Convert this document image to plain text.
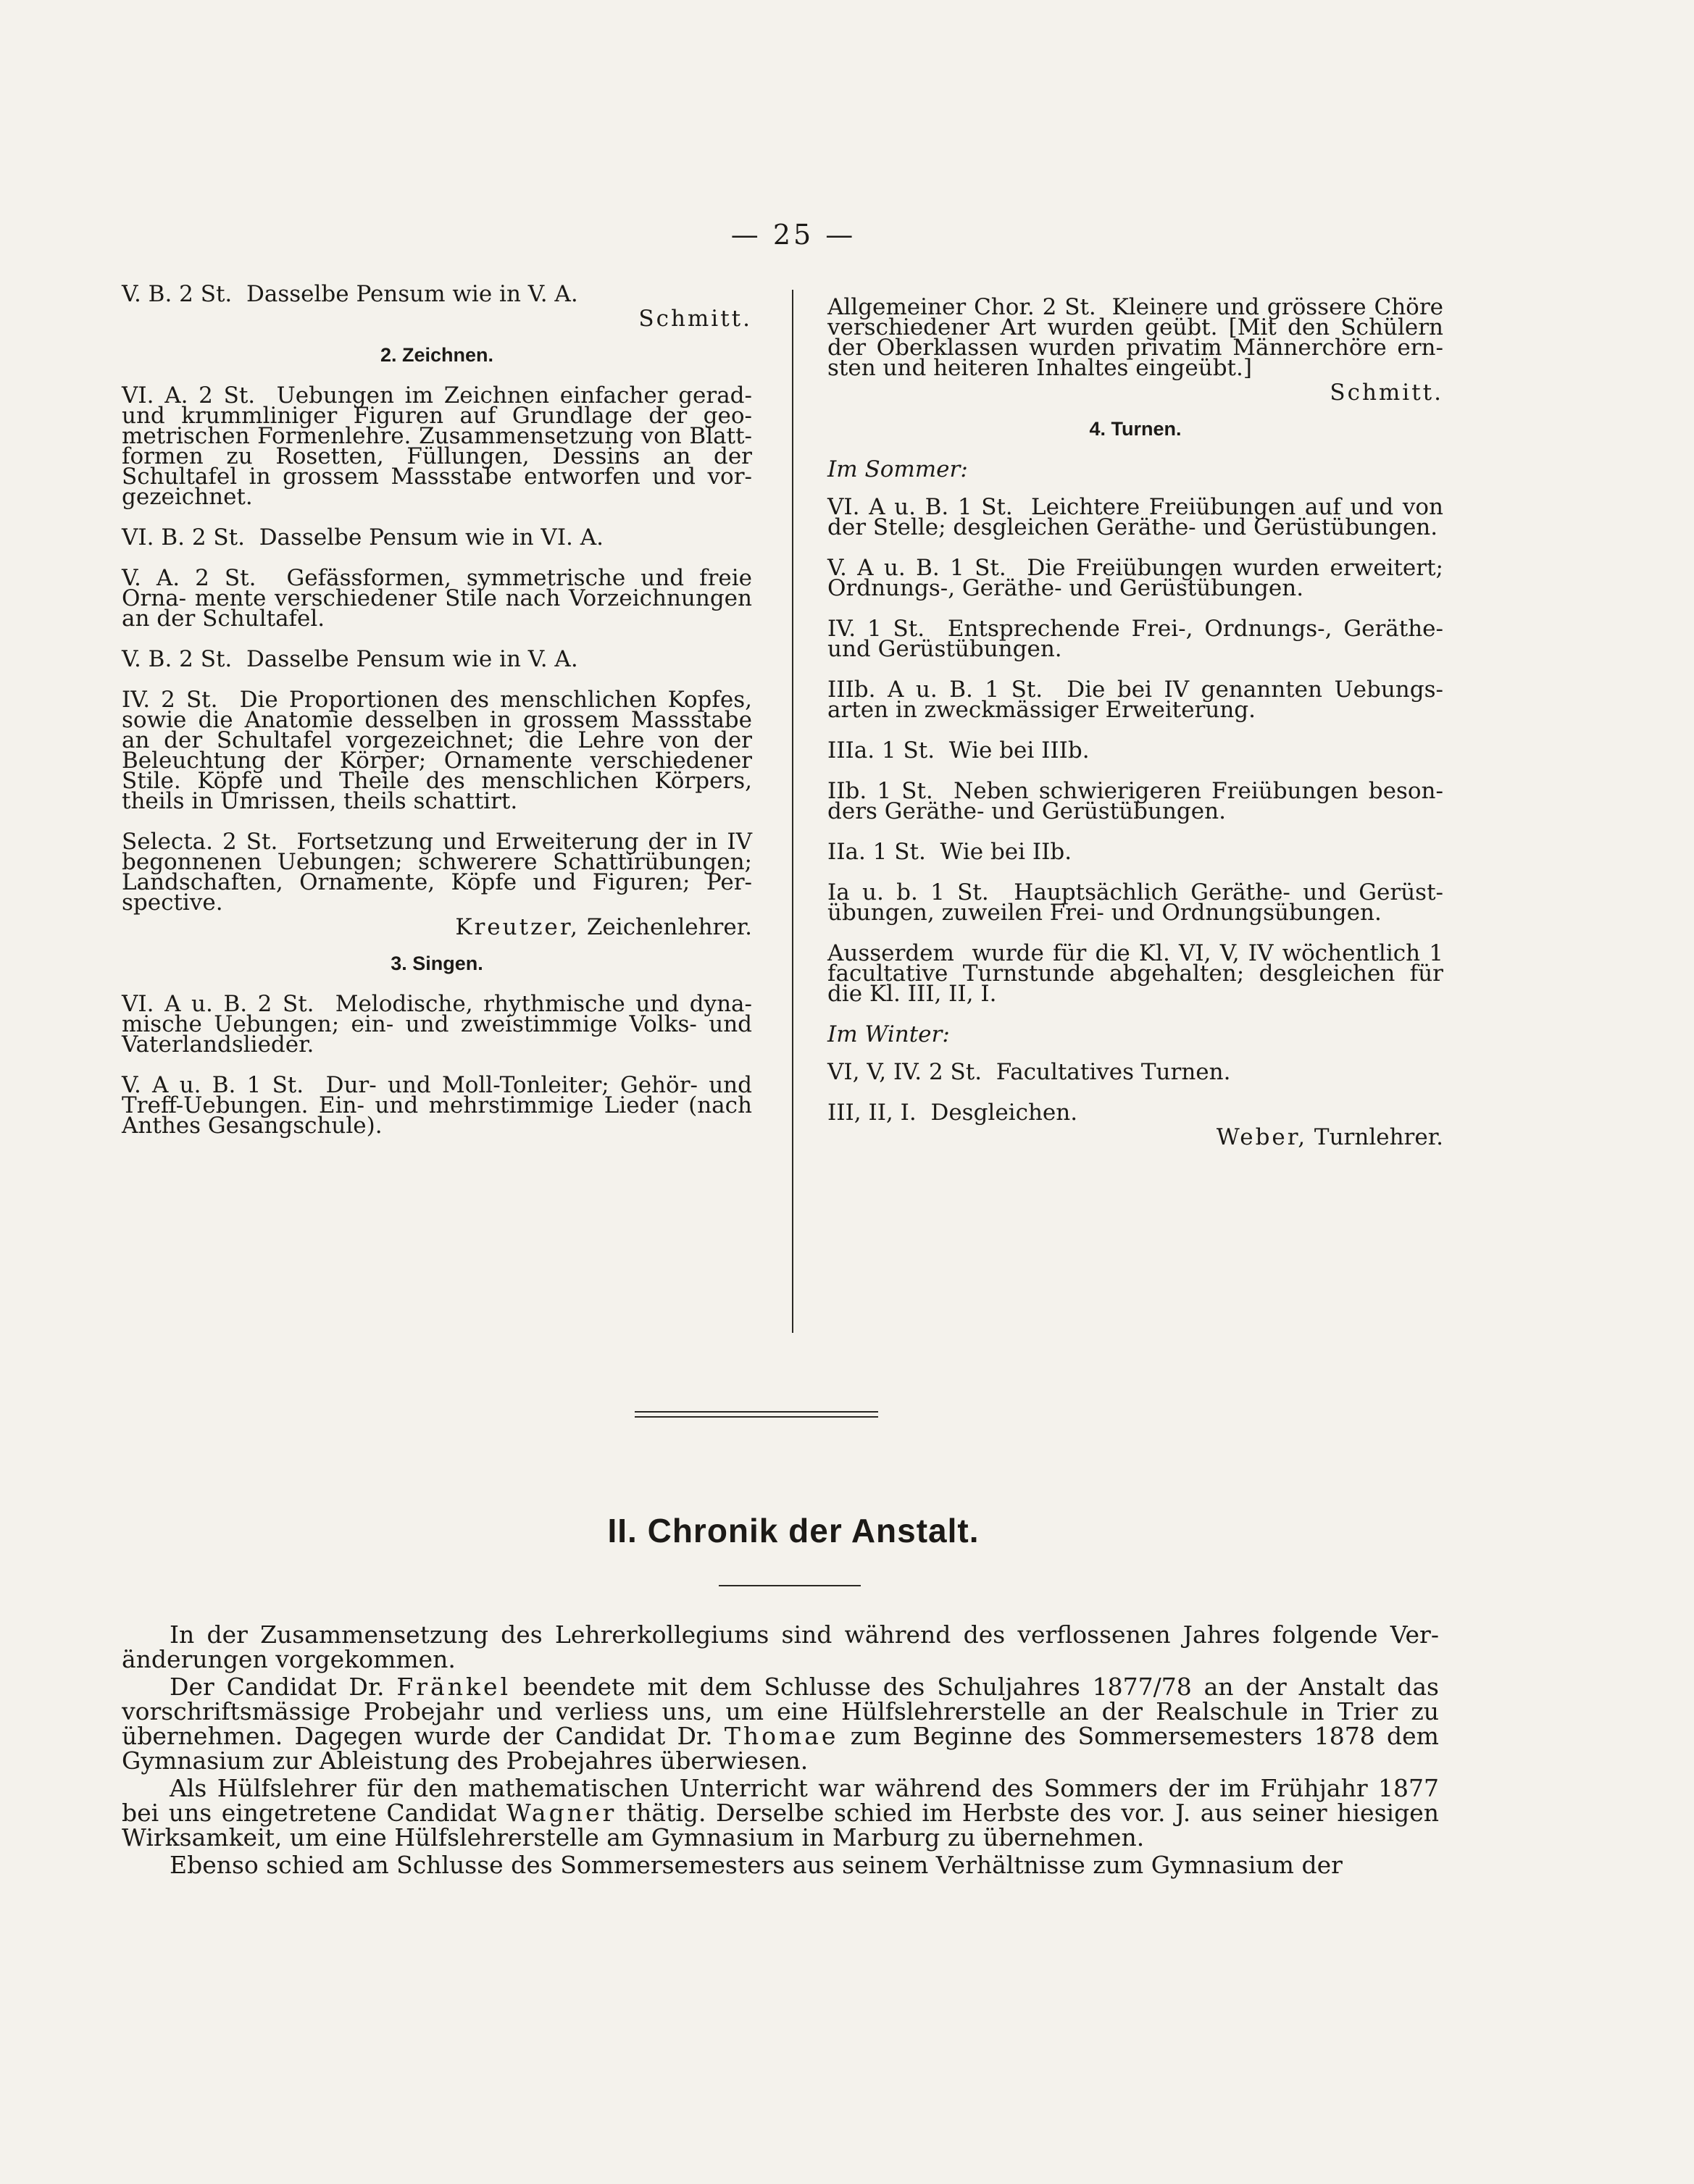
— 25 —

V. B. 2 St. Dasselbe Pensum wie in V. A.

Schmitt.

2. Zeichnen.

VI. A. 2 St. Uebungen im Zeichnen einfacher gerad- und krummliniger Figuren auf Grundlage der geo- metrischen Formenlehre. Zusammensetzung von Blatt- formen zu Rosetten, Füllungen, Dessins an der Schultafel in grossem Massstabe entworfen und vor- gezeichnet.

VI. B. 2 St. Dasselbe Pensum wie in VI. A.

V. A. 2 St. Gefässformen, symmetrische und freie Orna- mente verschiedener Stile nach Vorzeichnungen an der Schultafel.

V. B. 2 St. Dasselbe Pensum wie in V. A.

IV. 2 St. Die Proportionen des menschlichen Kopfes, sowie die Anatomie desselben in grossem Massstabe an der Schultafel vorgezeichnet; die Lehre von der Beleuchtung der Körper; Ornamente verschiedener Stile. Köpfe und Theile des menschlichen Körpers, theils in Umrissen, theils schattirt.

Selecta. 2 St. Fortsetzung und Erweiterung der in IV begonnenen Uebungen; schwerere Schattirübungen; Landschaften, Ornamente, Köpfe und Figuren; Per- spective.

Kreutzer, Zeichenlehrer.

3. Singen.

VI. A u. B. 2 St. Melodische, rhythmische und dyna- mische Uebungen; ein- und zweistimmige Volks- und Vaterlandslieder.

V. A u. B. 1 St. Dur- und Moll-Tonleiter; Gehör- und Treff-Uebungen. Ein- und mehrstimmige Lieder (nach Anthes Gesangschule).

Allgemeiner Chor. 2 St. Kleinere und grössere Chöre verschiedener Art wurden geübt. [Mit den Schülern der Oberklassen wurden privatim Männerchöre ern- sten und heiteren Inhaltes eingeübt.]

Schmitt.

4. Turnen.

Im Sommer:

VI. A u. B. 1 St. Leichtere Freiübungen auf und von der Stelle; desgleichen Geräthe- und Gerüstübungen.

V. A u. B. 1 St. Die Freiübungen wurden erweitert; Ordnungs-, Geräthe- und Gerüstübungen.

IV. 1 St. Entsprechende Frei-, Ordnungs-, Geräthe- und Gerüstübungen.

IIIb. A u. B. 1 St. Die bei IV genannten Uebungs- arten in zweckmässiger Erweiterung.

IIIa. 1 St. Wie bei IIIb.

IIb. 1 St. Neben schwierigeren Freiübungen beson- ders Geräthe- und Gerüstübungen.

IIa. 1 St. Wie bei IIb.

Ia u. b. 1 St. Hauptsächlich Geräthe- und Gerüst- übungen, zuweilen Frei- und Ordnungsübungen.

Ausserdem wurde für die Kl. VI, V, IV wöchentlich 1 facultative Turnstunde abgehalten; desgleichen für die Kl. III, II, I.

Im Winter:

VI, V, IV. 2 St. Facultatives Turnen.

III, II, I. Desgleichen.

Weber, Turnlehrer.

II. Chronik der Anstalt.

In der Zusammensetzung des Lehrerkollegiums sind während des verflossenen Jahres folgende Ver- änderungen vorgekommen.

Der Candidat Dr. Fränkel beendete mit dem Schlusse des Schuljahres 1877/78 an der Anstalt das vorschriftsmässige Probejahr und verliess uns, um eine Hülfslehrerstelle an der Realschule in Trier zu übernehmen. Dagegen wurde der Candidat Dr. Thomae zum Beginne des Sommersemesters 1878 dem Gymnasium zur Ableistung des Probejahres überwiesen.

Als Hülfslehrer für den mathematischen Unterricht war während des Sommers der im Frühjahr 1877 bei uns eingetretene Candidat Wagner thätig. Derselbe schied im Herbste des vor. J. aus seiner hiesigen Wirksamkeit, um eine Hülfslehrerstelle am Gymnasium in Marburg zu übernehmen.

Ebenso schied am Schlusse des Sommersemesters aus seinem Verhältnisse zum Gymnasium der
